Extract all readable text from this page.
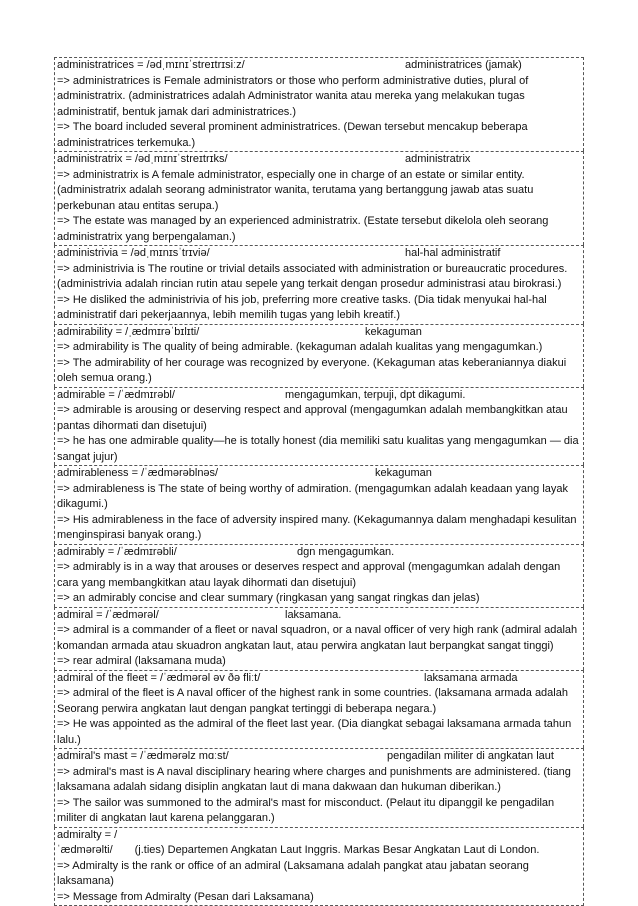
administratrices = /ədˌmɪnɪˈstreɪtrɪsiːz/	administratrices (jamak)
=> administratrices is Female administrators or those who perform administrative duties, plural of administratrix. (administratrices adalah Administrator wanita atau mereka yang melakukan tugas administratif, bentuk jamak dari administratrices.)
=> The board included several prominent administratrices. (Dewan tersebut mencakup beberapa administratrices terkemuka.)
administratrix = /ədˌmɪnɪˈstreɪtrɪks/	administratrix
=> administratrix is A female administrator, especially one in charge of an estate or similar entity. (administratrix adalah seorang administrator wanita, terutama yang bertanggung jawab atas suatu perkebunan atau entitas serupa.)
=> The estate was managed by an experienced administratrix. (Estate tersebut dikelola oleh seorang administratrix yang berpengalaman.)
administrivia = /ədˌmɪnɪsˈtrɪviə/	hal-hal administratif
=> administrivia is The routine or trivial details associated with administration or bureaucratic procedures. (administrivia adalah rincian rutin atau sepele yang terkait dengan prosedur administrasi atau birokrasi.)
=> He disliked the administrivia of his job, preferring more creative tasks. (Dia tidak menyukai hal-hal administratif dari pekerjaannya, lebih memilih tugas yang lebih kreatif.)
admirability = /ˌædmɪrəˈbɪlɪti/	kekaguman
=> admirability is The quality of being admirable. (kekaguman adalah kualitas yang mengagumkan.)
=> The admirability of her courage was recognized by everyone. (Kekaguman atas keberaniannya diakui oleh semua orang.)
admirable = /ˈædmɪrəbl/	mengagumkan, terpuji, dpt dikagumi.
=> admirable is arousing or deserving respect and approval (mengagumkan adalah membangkitkan atau pantas dihormati dan disetujui)
=> he has one admirable quality—he is totally honest (dia memiliki satu kualitas yang mengagumkan — dia sangat jujur)
admirableness = /ˈædmərəblnəs/	kekaguman
=> admirableness is The state of being worthy of admiration. (mengagumkan adalah keadaan yang layak dikagumi.)
=> His admirableness in the face of adversity inspired many. (Kekagumannya dalam menghadapi kesulitan menginspirasi banyak orang.)
admirably = /ˈædmɪrəbli/	dgn mengagumkan.
=> admirably is in a way that arouses or deserves respect and approval (mengagumkan adalah dengan cara yang membangkitkan atau layak dihormati dan disetujui)
=> an admirably concise and clear summary (ringkasan yang sangat ringkas dan jelas)
admiral = /ˈædmərəl/	laksamana.
=> admiral is a commander of a fleet or naval squadron, or a naval officer of very high rank (admiral adalah komandan armada atau skuadron angkatan laut, atau perwira angkatan laut berpangkat sangat tinggi)
=> rear admiral (laksamana muda)
admiral of the fleet = /ˈædmərəl əv ðə fliːt/	laksamana armada
=> admiral of the fleet is A naval officer of the highest rank in some countries. (laksamana armada adalah Seorang perwira angkatan laut dengan pangkat tertinggi di beberapa negara.)
=> He was appointed as the admiral of the fleet last year. (Dia diangkat sebagai laksamana armada tahun lalu.)
admiral's mast = /ˈædmərəlz mɑːst/	pengadilan militer di angkatan laut
=> admiral's mast is A naval disciplinary hearing where charges and punishments are administered. (tiang laksamana adalah sidang disiplin angkatan laut di mana dakwaan dan hukuman diberikan.)
=> The sailor was summoned to the admiral's mast for misconduct. (Pelaut itu dipanggil ke pengadilan militer di angkatan laut karena pelanggaran.)
admiralty = /ˈædmərəlti/ (j.ties) Departemen Angkatan Laut Inggris. Markas Besar Angkatan Laut di London.
=> Admiralty is the rank or office of an admiral (Laksamana adalah pangkat atau jabatan seorang laksamana)
=> Message from Admiralty (Pesan dari Laksamana)
